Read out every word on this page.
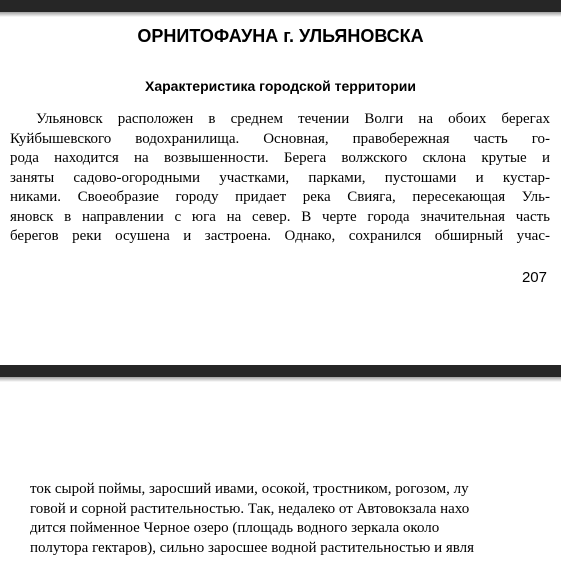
ОРНИТОФАУНА г. УЛЬЯНОВСКА
Характеристика городской территории
Ульяновск расположен в среднем течении Волги на обоих берегах
Куйбышевского водохранилища. Основная, правобережная часть го-
рода находится на возвышенности. Берега волжского склона крутые и
заняты садово-огородными участками, парками, пустошами и кустар-
никами. Своеобразие городу придает река Свияга, пересекающая Уль-
яновск в направлении с юга на север. В черте города значительная часть
берегов реки осушена и застроена. Однако, сохранился обширный учас-
207
ток сырой поймы, заросший ивами, осокой, тростником, рогозом, лу
говой и сорной растительностью. Так, недалеко от Автовокзала нахо
дится пойменное Черное озеро (площадь водного зеркала около
полутора гектаров), сильно заросшее водной растительностью и явля
